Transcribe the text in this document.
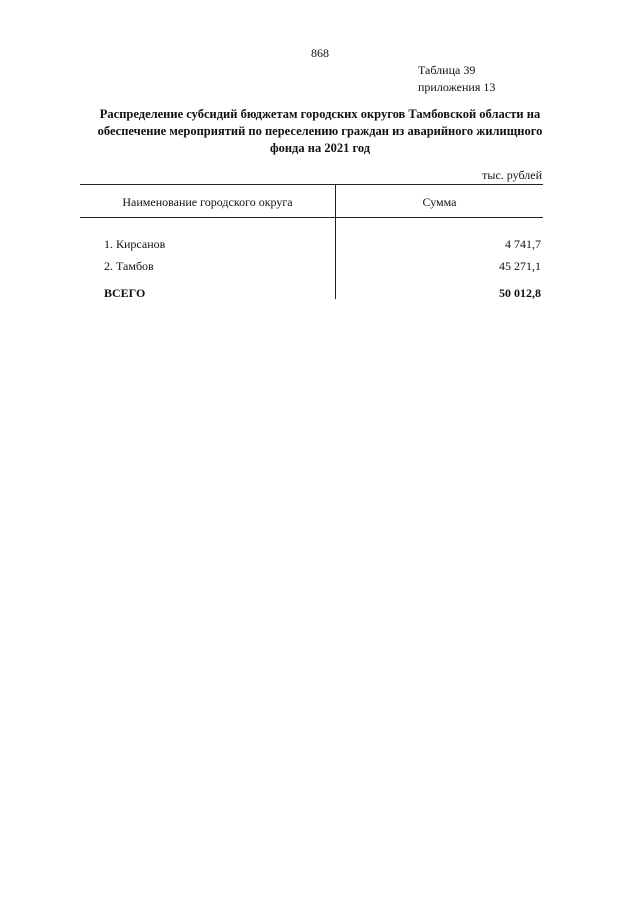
868
Таблица 39
приложения 13
Распределение субсидий бюджетам городских округов Тамбовской области на
обеспечение мероприятий по переселению граждан из аварийного жилищного
фонда на 2021 год
тыс. рублей
Наименование городского округа	Сумма
1. Кирсанов	4 741,7
2. Тамбов	45 271,1
ВСЕГО	50 012,8
